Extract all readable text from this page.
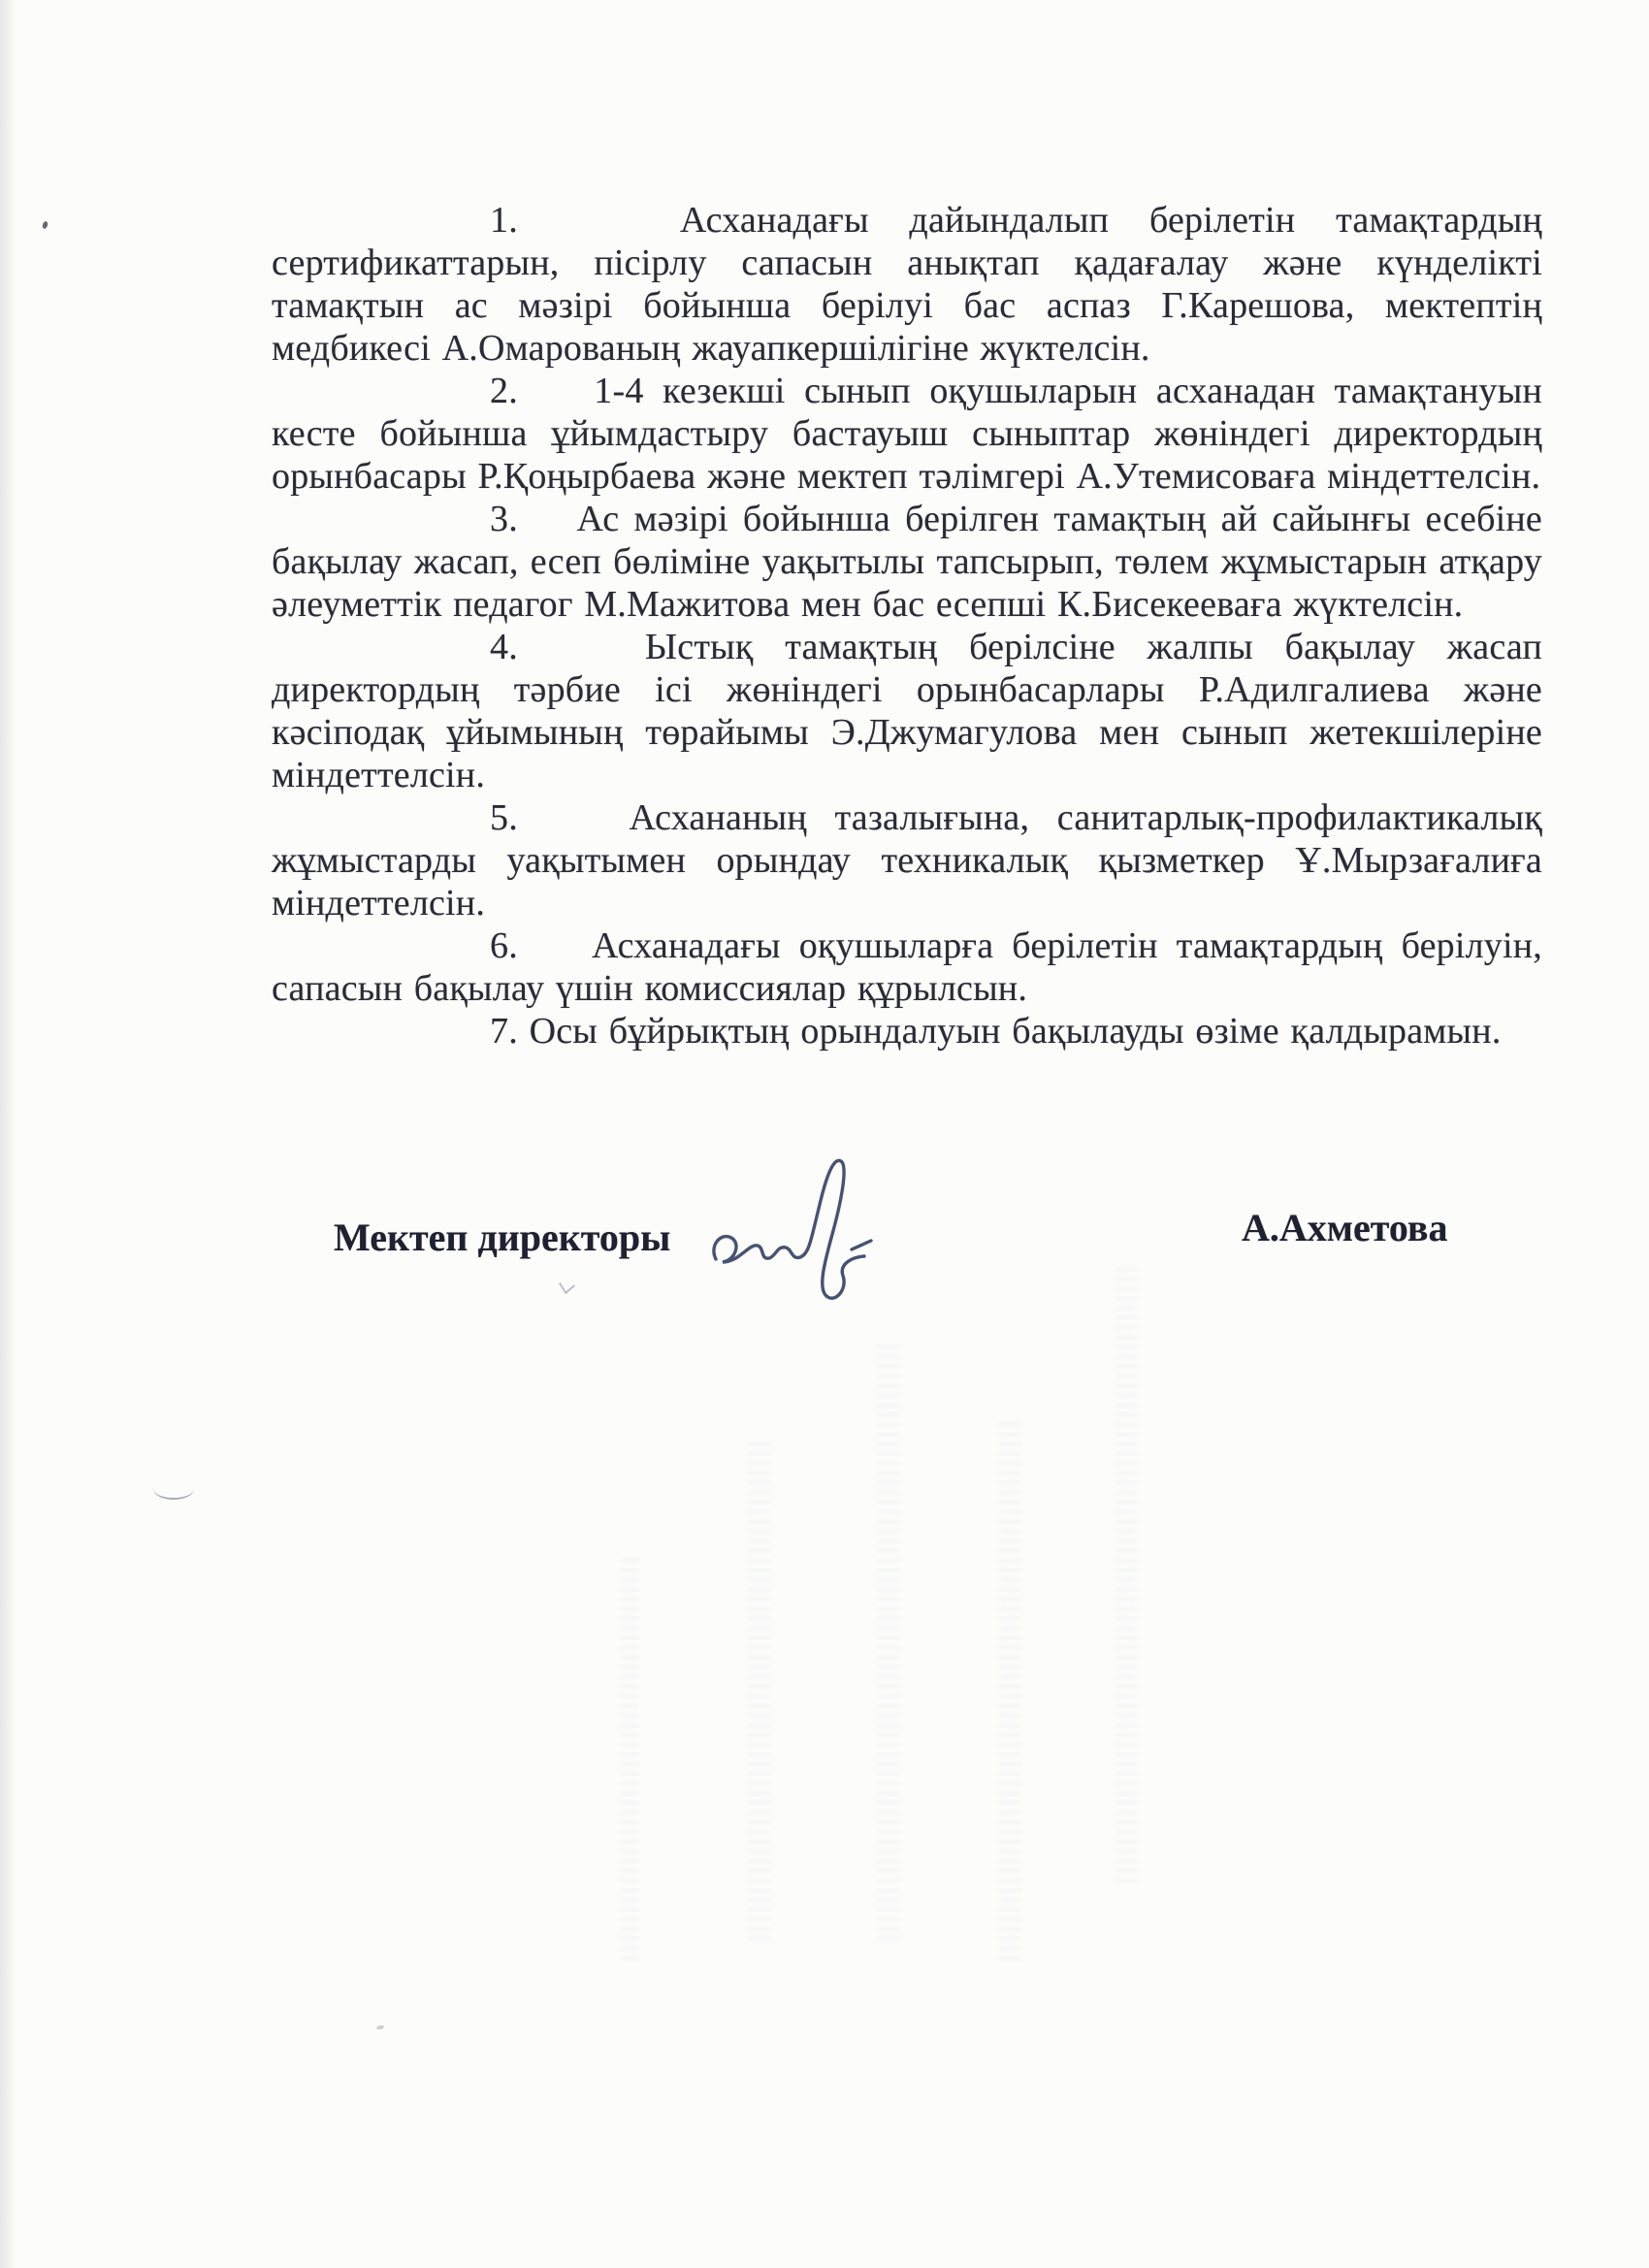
1.    Асханадағы дайындалып берілетін тамақтардың сертификаттарын, пісірлу сапасын анықтап қадағалау және күнделікті тамақтын ас мәзірі бойынша берілуі бас аспаз Г.Карешова, мектептің медбикесі А.Омарованың жауапкершілігіне жүктелсін.

2.    1-4 кезекші сынып оқушыларын асханадан тамақтануын кесте бойынша ұйымдастыру бастауыш сыныптар жөніндегі директордың орынбасары Р.Қоңырбаева және мектеп тәлімгері А.Утемисоваға міндеттелсін.

3.    Ас мәзірі бойынша берілген тамақтың ай сайынғы есебіне бақылау жасап, есеп бөліміне уақытылы тапсырып, төлем жұмыстарын атқару әлеуметтік педагог М.Мажитова мен бас есепші К.Бисекееваға жүктелсін.

4.    Ыстық тамақтың берілсіне жалпы бақылау жасап директордың тәрбие ісі жөніндегі орынбасарлары Р.Адилгалиева және кәсіподақ ұйымының төрайымы Э.Джумагулова мен сынып жетекшілеріне міндеттелсін.

5.    Асхананың тазалығына, санитарлық-профилактикалық жұмыстарды уақытымен орындау техникалық қызметкер Ұ.Мырзағалиға міндеттелсін.

6.    Асханадағы оқушыларға берілетін тамақтардың берілуін, сапасын бақылау үшін комиссиялар құрылсын.

7. Осы бұйрықтың орындалуын бақылауды өзіме қалдырамын.

Мектеп директоры	А.Ахметова
